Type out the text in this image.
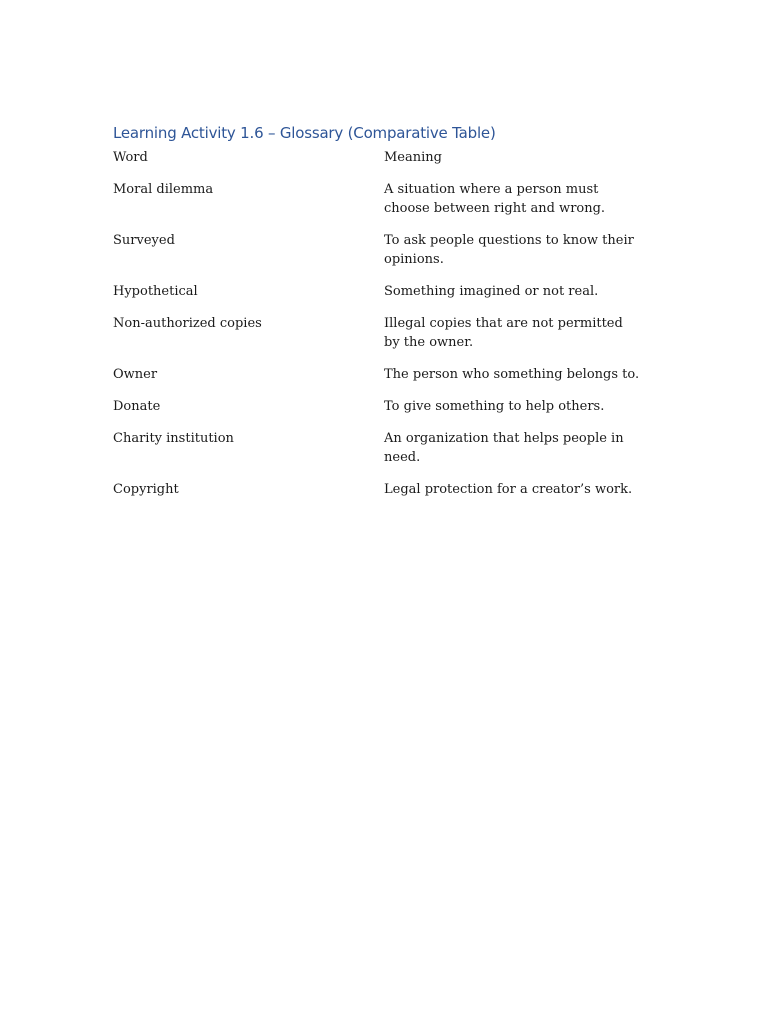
Learning Activity 1.6 – Glossary (Comparative Table)
Word	Meaning
Moral dilemma	A situation where a person must choose between right and wrong.
Surveyed	To ask people questions to know their opinions.
Hypothetical	Something imagined or not real.
Non-authorized copies	Illegal copies that are not permitted by the owner.
Owner	The person who something belongs to.
Donate	To give something to help others.
Charity institution	An organization that helps people in need.
Copyright	Legal protection for a creator’s work.
